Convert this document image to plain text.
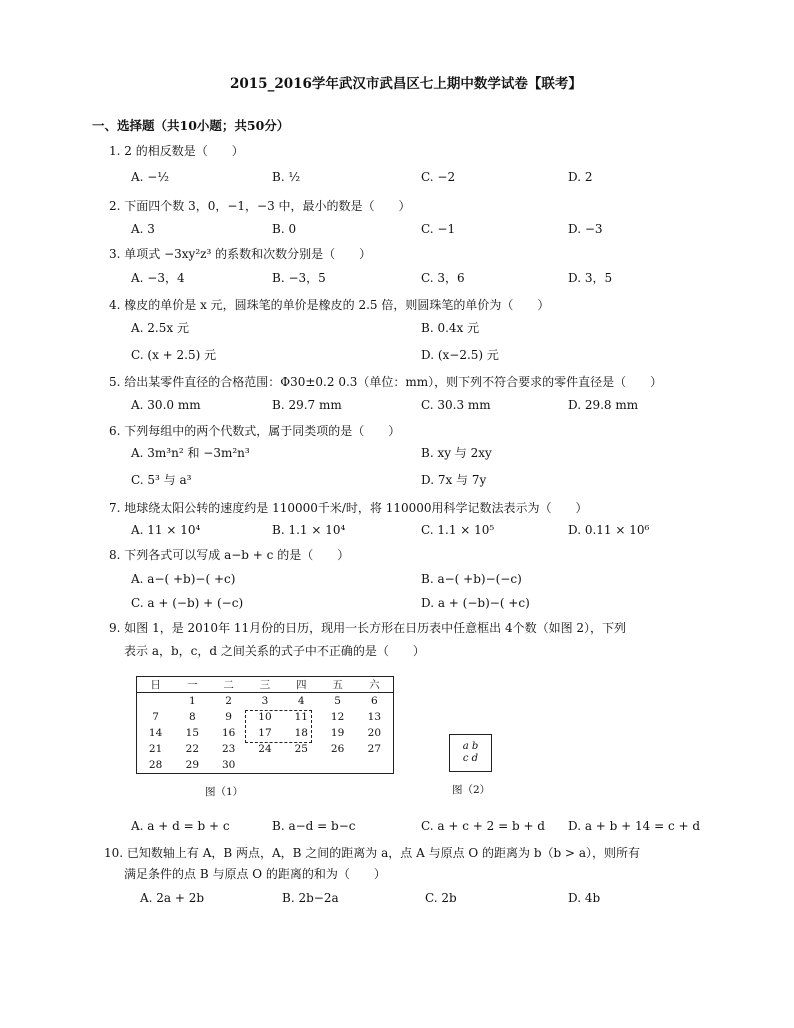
2015_2016学年武汉市武昌区七上期中数学试卷【联考】
一、选择题（共10小题；共50分）
1. 2 的相反数是（　　）
A. −½	B. ½	C. −2	D. 2
2. 下面四个数 3，0，−1，−3 中，最小的数是（　　）
A. 3	B. 0	C. −1	D. −3
3. 单项式 −3xy²z³ 的系数和次数分别是（　　）
A. −3，4	B. −3，5	C. 3，6	D. 3，5
4. 橡皮的单价是 x 元，圆珠笔的单价是橡皮的 2.5 倍，则圆珠笔的单价为（　　）
A. 2.5x 元	B. 0.4x 元
C. (x + 2.5) 元	D. (x−2.5) 元
5. 给出某零件直径的合格范围：Φ30±0.2 0.3（单位：mm），则下列不符合要求的零件直径是（　　）
A. 30.0 mm	B. 29.7 mm	C. 30.3 mm	D. 29.8 mm
6. 下列每组中的两个代数式，属于同类项的是（　　）
A. 3m³n² 和 −3m²n³	B. xy 与 2xy
C. 5³ 与 a³	D. 7x 与 7y
7. 地球绕太阳公转的速度约是 110000千米/时，将 110000用科学记数法表示为（　　）
A. 11 × 10⁴	B. 1.1 × 10⁴	C. 1.1 × 10⁵	D. 0.11 × 10⁶
8. 下列各式可以写成 a−b + c 的是（　　）
A. a−( +b)−( +c)	B. a−( +b)−(−c)
C. a + (−b) + (−c)	D. a + (−b)−( +c)
9. 如图 1，是 2010年 11月份的日历，现用一长方形在日历表中任意框出 4个数（如图 2），下列
表示 a，b，c，d 之间关系的式子中不正确的是（　　）
日	一	二	三	四	五	六
	1	2	3	4	5	6
7	8	9	10	11	12	13
14	15	16	17	18	19	20
21	22	23	24	25	26	27
28	29	30				
图（1）
a b
c d
图（2）
A. a + d = b + c	B. a−d = b−c	C. a + c + 2 = b + d D. a + b + 14 = c + d
10. 已知数轴上有 A，B 两点，A，B 之间的距离为 a，点 A 与原点 O 的距离为 b（b > a），则所有
满足条件的点 B 与原点 O 的距离的和为（　　）
A. 2a + 2b	B. 2b−2a	C. 2b	D. 4b
